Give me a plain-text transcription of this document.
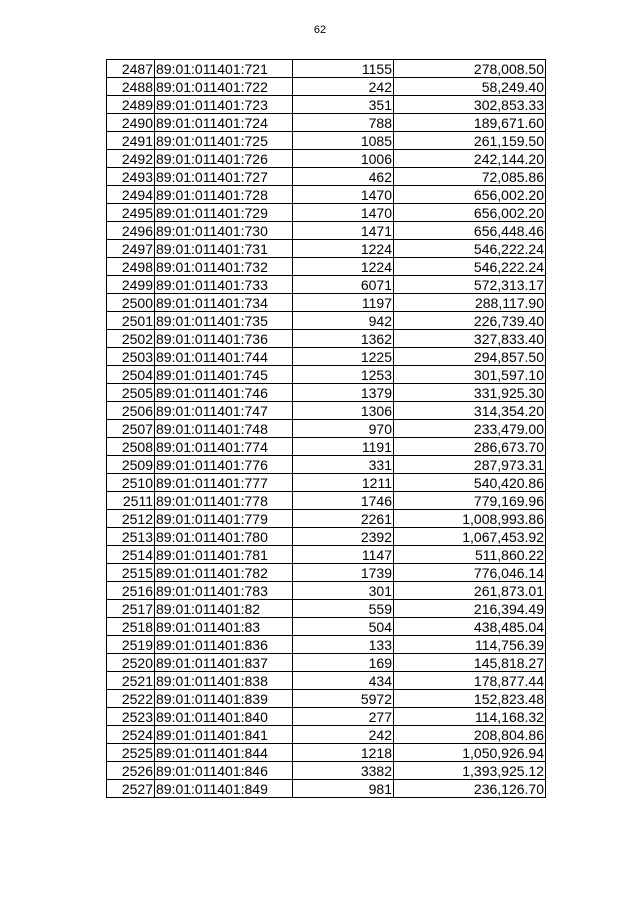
62
2487	89:01:011401:721	1155	278,008.50
2488	89:01:011401:722	242	58,249.40
2489	89:01:011401:723	351	302,853.33
2490	89:01:011401:724	788	189,671.60
2491	89:01:011401:725	1085	261,159.50
2492	89:01:011401:726	1006	242,144.20
2493	89:01:011401:727	462	72,085.86
2494	89:01:011401:728	1470	656,002.20
2495	89:01:011401:729	1470	656,002.20
2496	89:01:011401:730	1471	656,448.46
2497	89:01:011401:731	1224	546,222.24
2498	89:01:011401:732	1224	546,222.24
2499	89:01:011401:733	6071	572,313.17
2500	89:01:011401:734	1197	288,117.90
2501	89:01:011401:735	942	226,739.40
2502	89:01:011401:736	1362	327,833.40
2503	89:01:011401:744	1225	294,857.50
2504	89:01:011401:745	1253	301,597.10
2505	89:01:011401:746	1379	331,925.30
2506	89:01:011401:747	1306	314,354.20
2507	89:01:011401:748	970	233,479.00
2508	89:01:011401:774	1191	286,673.70
2509	89:01:011401:776	331	287,973.31
2510	89:01:011401:777	1211	540,420.86
2511	89:01:011401:778	1746	779,169.96
2512	89:01:011401:779	2261	1,008,993.86
2513	89:01:011401:780	2392	1,067,453.92
2514	89:01:011401:781	1147	511,860.22
2515	89:01:011401:782	1739	776,046.14
2516	89:01:011401:783	301	261,873.01
2517	89:01:011401:82	559	216,394.49
2518	89:01:011401:83	504	438,485.04
2519	89:01:011401:836	133	114,756.39
2520	89:01:011401:837	169	145,818.27
2521	89:01:011401:838	434	178,877.44
2522	89:01:011401:839	5972	152,823.48
2523	89:01:011401:840	277	114,168.32
2524	89:01:011401:841	242	208,804.86
2525	89:01:011401:844	1218	1,050,926.94
2526	89:01:011401:846	3382	1,393,925.12
2527	89:01:011401:849	981	236,126.70
